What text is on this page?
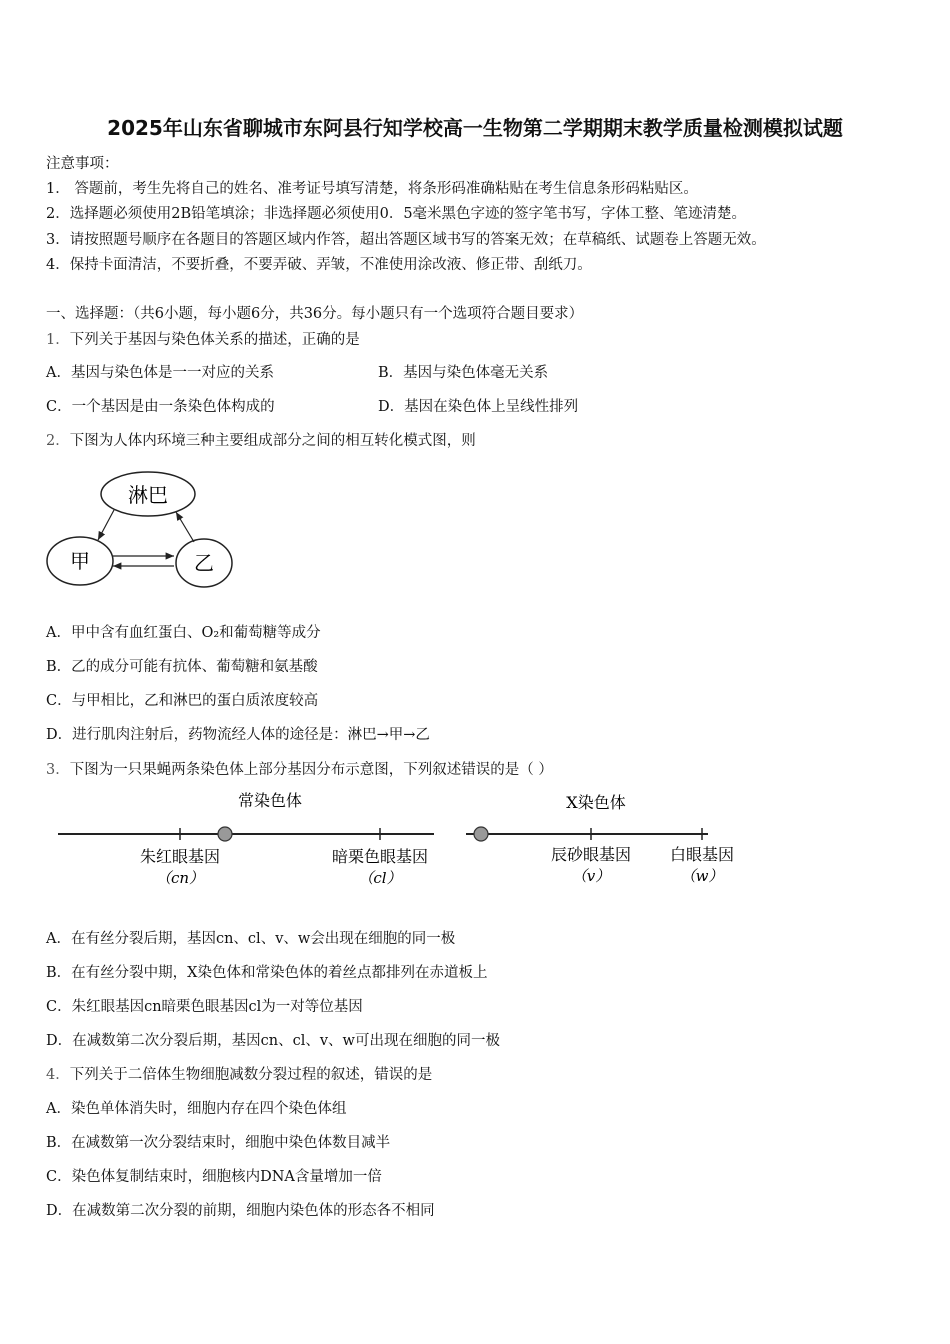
2025年山东省聊城市东阿县行知学校高一生物第二学期期末教学质量检测模拟试题
注意事项：
1． 答题前，考生先将自己的姓名、准考证号填写清楚，将条形码准确粘贴在考生信息条形码粘贴区。
2．选择题必须使用2B铅笔填涂；非选择题必须使用0．5毫米黑色字迹的签字笔书写，字体工整、笔迹清楚。
3．请按照题号顺序在各题目的答题区域内作答，超出答题区域书写的答案无效；在草稿纸、试题卷上答题无效。
4．保持卡面清洁，不要折叠，不要弄破、弄皱，不准使用涂改液、修正带、刮纸刀。
一、选择题：（共6小题，每小题6分，共36分。每小题只有一个选项符合题目要求）
1．下列关于基因与染色体关系的描述，正确的是
A．基因与染色体是一一对应的关系	B．基因与染色体毫无关系
C．一个基因是由一条染色体构成的	D．基因在染色体上呈线性排列
2．下图为人体内环境三种主要组成部分之间的相互转化模式图，则
淋巴
甲	乙
A．甲中含有血红蛋白、O₂和葡萄糖等成分
B．乙的成分可能有抗体、葡萄糖和氨基酸
C．与甲相比，乙和淋巴的蛋白质浓度较高
D．进行肌肉注射后，药物流经人体的途径是：淋巴→甲→乙
3．下图为一只果蝇两条染色体上部分基因分布示意图，下列叙述错误的是（ ）
常染色体	X染色体
朱红眼基因
（cn）
暗栗色眼基因
（cl）
辰砂眼基因
（v）
白眼基因
（w）
A．在有丝分裂后期，基因cn、cl、v、w会出现在细胞的同一极
B．在有丝分裂中期，X染色体和常染色体的着丝点都排列在赤道板上
C．朱红眼基因cn暗栗色眼基因cl为一对等位基因
D．在减数第二次分裂后期，基因cn、cl、v、w可出现在细胞的同一极
4．下列关于二倍体生物细胞减数分裂过程的叙述，错误的是
A．染色单体消失时，细胞内存在四个染色体组
B．在减数第一次分裂结束时，细胞中染色体数目减半
C．染色体复制结束时，细胞核内DNA含量增加一倍
D．在减数第二次分裂的前期，细胞内染色体的形态各不相同
